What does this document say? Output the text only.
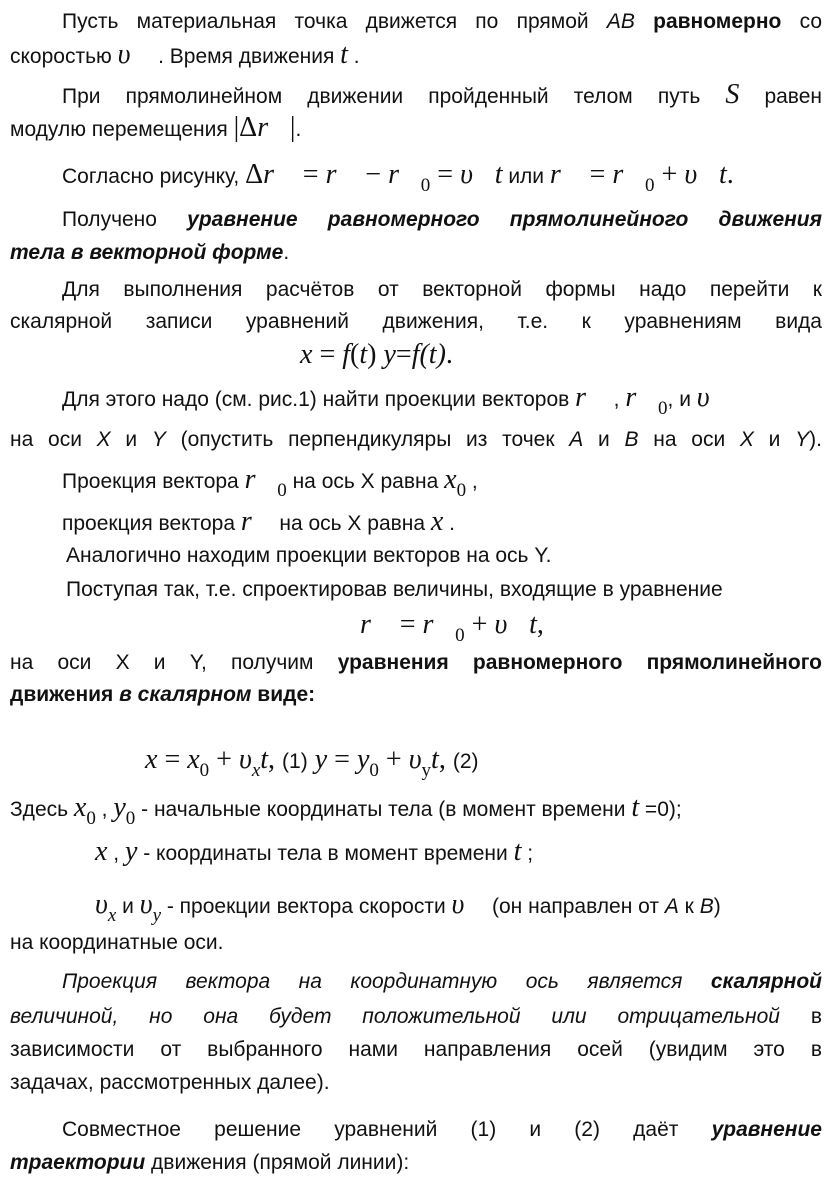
Пусть материальная точка движется по прямой AB равномерно со
скоростью υ⃗ . Время движения t .
При прямолинейном движении пройденный телом путь S равен
модулю перемещения |Δr⃗|.
Согласно рисунку, Δr⃗ = r⃗ − r⃗0 = υ⃗t или r⃗ = r⃗0 + υ⃗t.
Получено уравнение равномерного прямолинейного движения
тела в векторной форме.
Для выполнения расчётов от векторной формы надо перейти к
скалярной записи уравнений движения, т.е. к уравнениям вида
x = f(t) y=f(t).
Для этого надо (см. рис.1) найти проекции векторов r⃗ , r⃗0, и υ⃗
на оси X и Y (опустить перпендикуляры из точек A и B на оси X и Y).
Проекция вектора r⃗0 на ось X равна x0 ,
проекция вектора r⃗ на ось X равна x .
Аналогично находим проекции векторов на ось Y.
Поступая так, т.е. спроектировав величины, входящие в уравнение
r⃗ = r⃗0 + υ⃗t,
на оси X и Y, получим уравнения равномерного прямолинейного
движения в скалярном виде:
x = x0 + υxt, (1) y = y0 + υyt, (2)
Здесь x0 , y0 - начальные координаты тела (в момент времени t =0);
x , y - координаты тела в момент времени t ;
υx и υy - проекции вектора скорости υ⃗ (он направлен от A к B)
на координатные оси.
Проекция вектора на координатную ось является скалярной
величиной, но она будет положительной или отрицательной в
зависимости от выбранного нами направления осей (увидим это в
задачах, рассмотренных далее).
Совместное решение уравнений (1) и (2) даёт уравнение
траектории движения (прямой линии):
